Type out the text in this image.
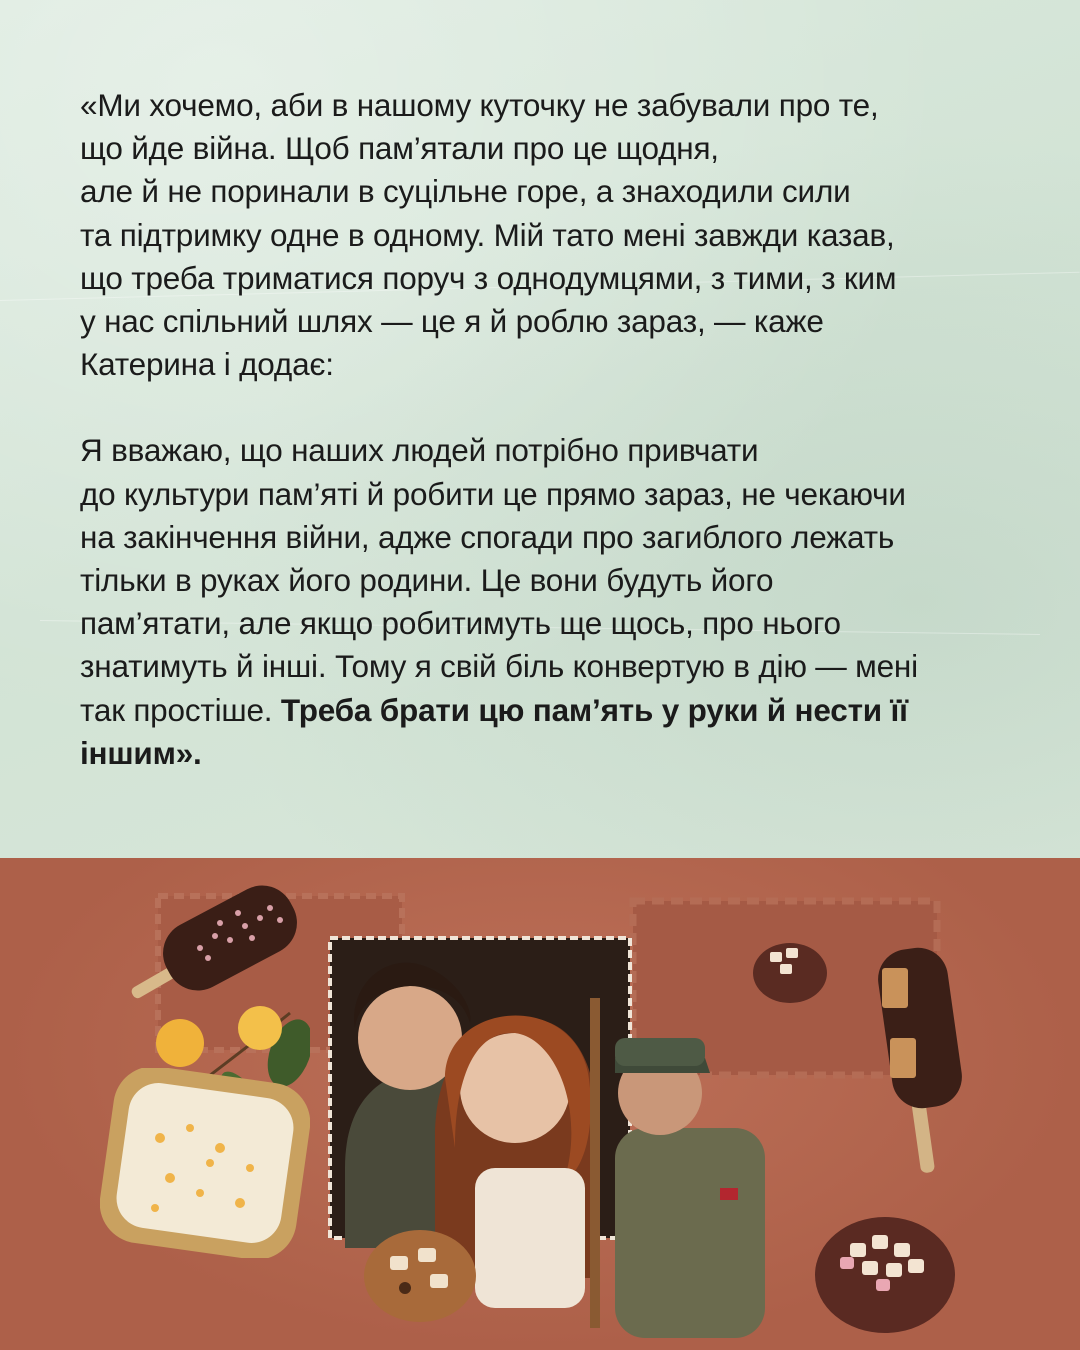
«Ми хочемо, аби в нашому куточку не забували про те,
що йде війна. Щоб пам’ятали про це щодня,
але й не поринали в суцільне горе, а знаходили сили
та підтримку одне в одному. Мій тато мені завжди казав,
що треба триматися поруч з однодумцями, з тими, з ким
у нас спільний шлях — це я й роблю зараз, — каже
Катерина і додає:

Я вважаю, що наших людей потрібно привчати
до культури пам’яті й робити це прямо зараз, не чекаючи
на закінчення війни, адже спогади про загиблого лежать
тільки в руках його родини. Це вони будуть його
пам’ятати, але якщо робитимуть ще щось, про нього
знатимуть й інші. Тому я свій біль конвертую в дію — мені
так простіше. Треба брати цю пам’ять у руки й нести її
іншим».
